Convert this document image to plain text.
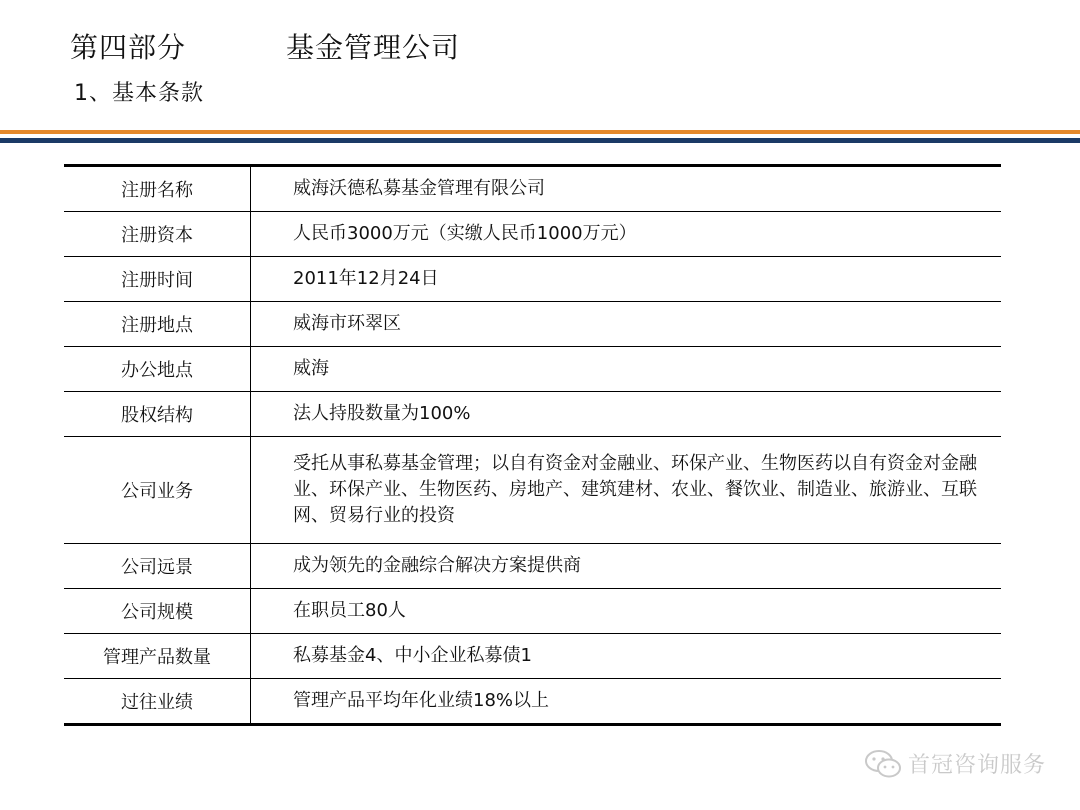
第四部分	基金管理公司
1、基本条款
注册名称	威海沃德私募基金管理有限公司
注册资本	人民币3000万元（实缴人民币1000万元）
注册时间	2011年12月24日
注册地点	威海市环翠区
办公地点	威海
股权结构	法人持股数量为100%
公司业务	受托从事私募基金管理；以自有资金对金融业、环保产业、生物医药以自有资金对金融业、环保产业、生物医药、房地产、建筑建材、农业、餐饮业、制造业、旅游业、互联网、贸易行业的投资
公司远景	成为领先的金融综合解决方案提供商
公司规模	在职员工80人
管理产品数量	私募基金4、中小企业私募债1
过往业绩	管理产品平均年化业绩18%以上
首冠咨询服务
